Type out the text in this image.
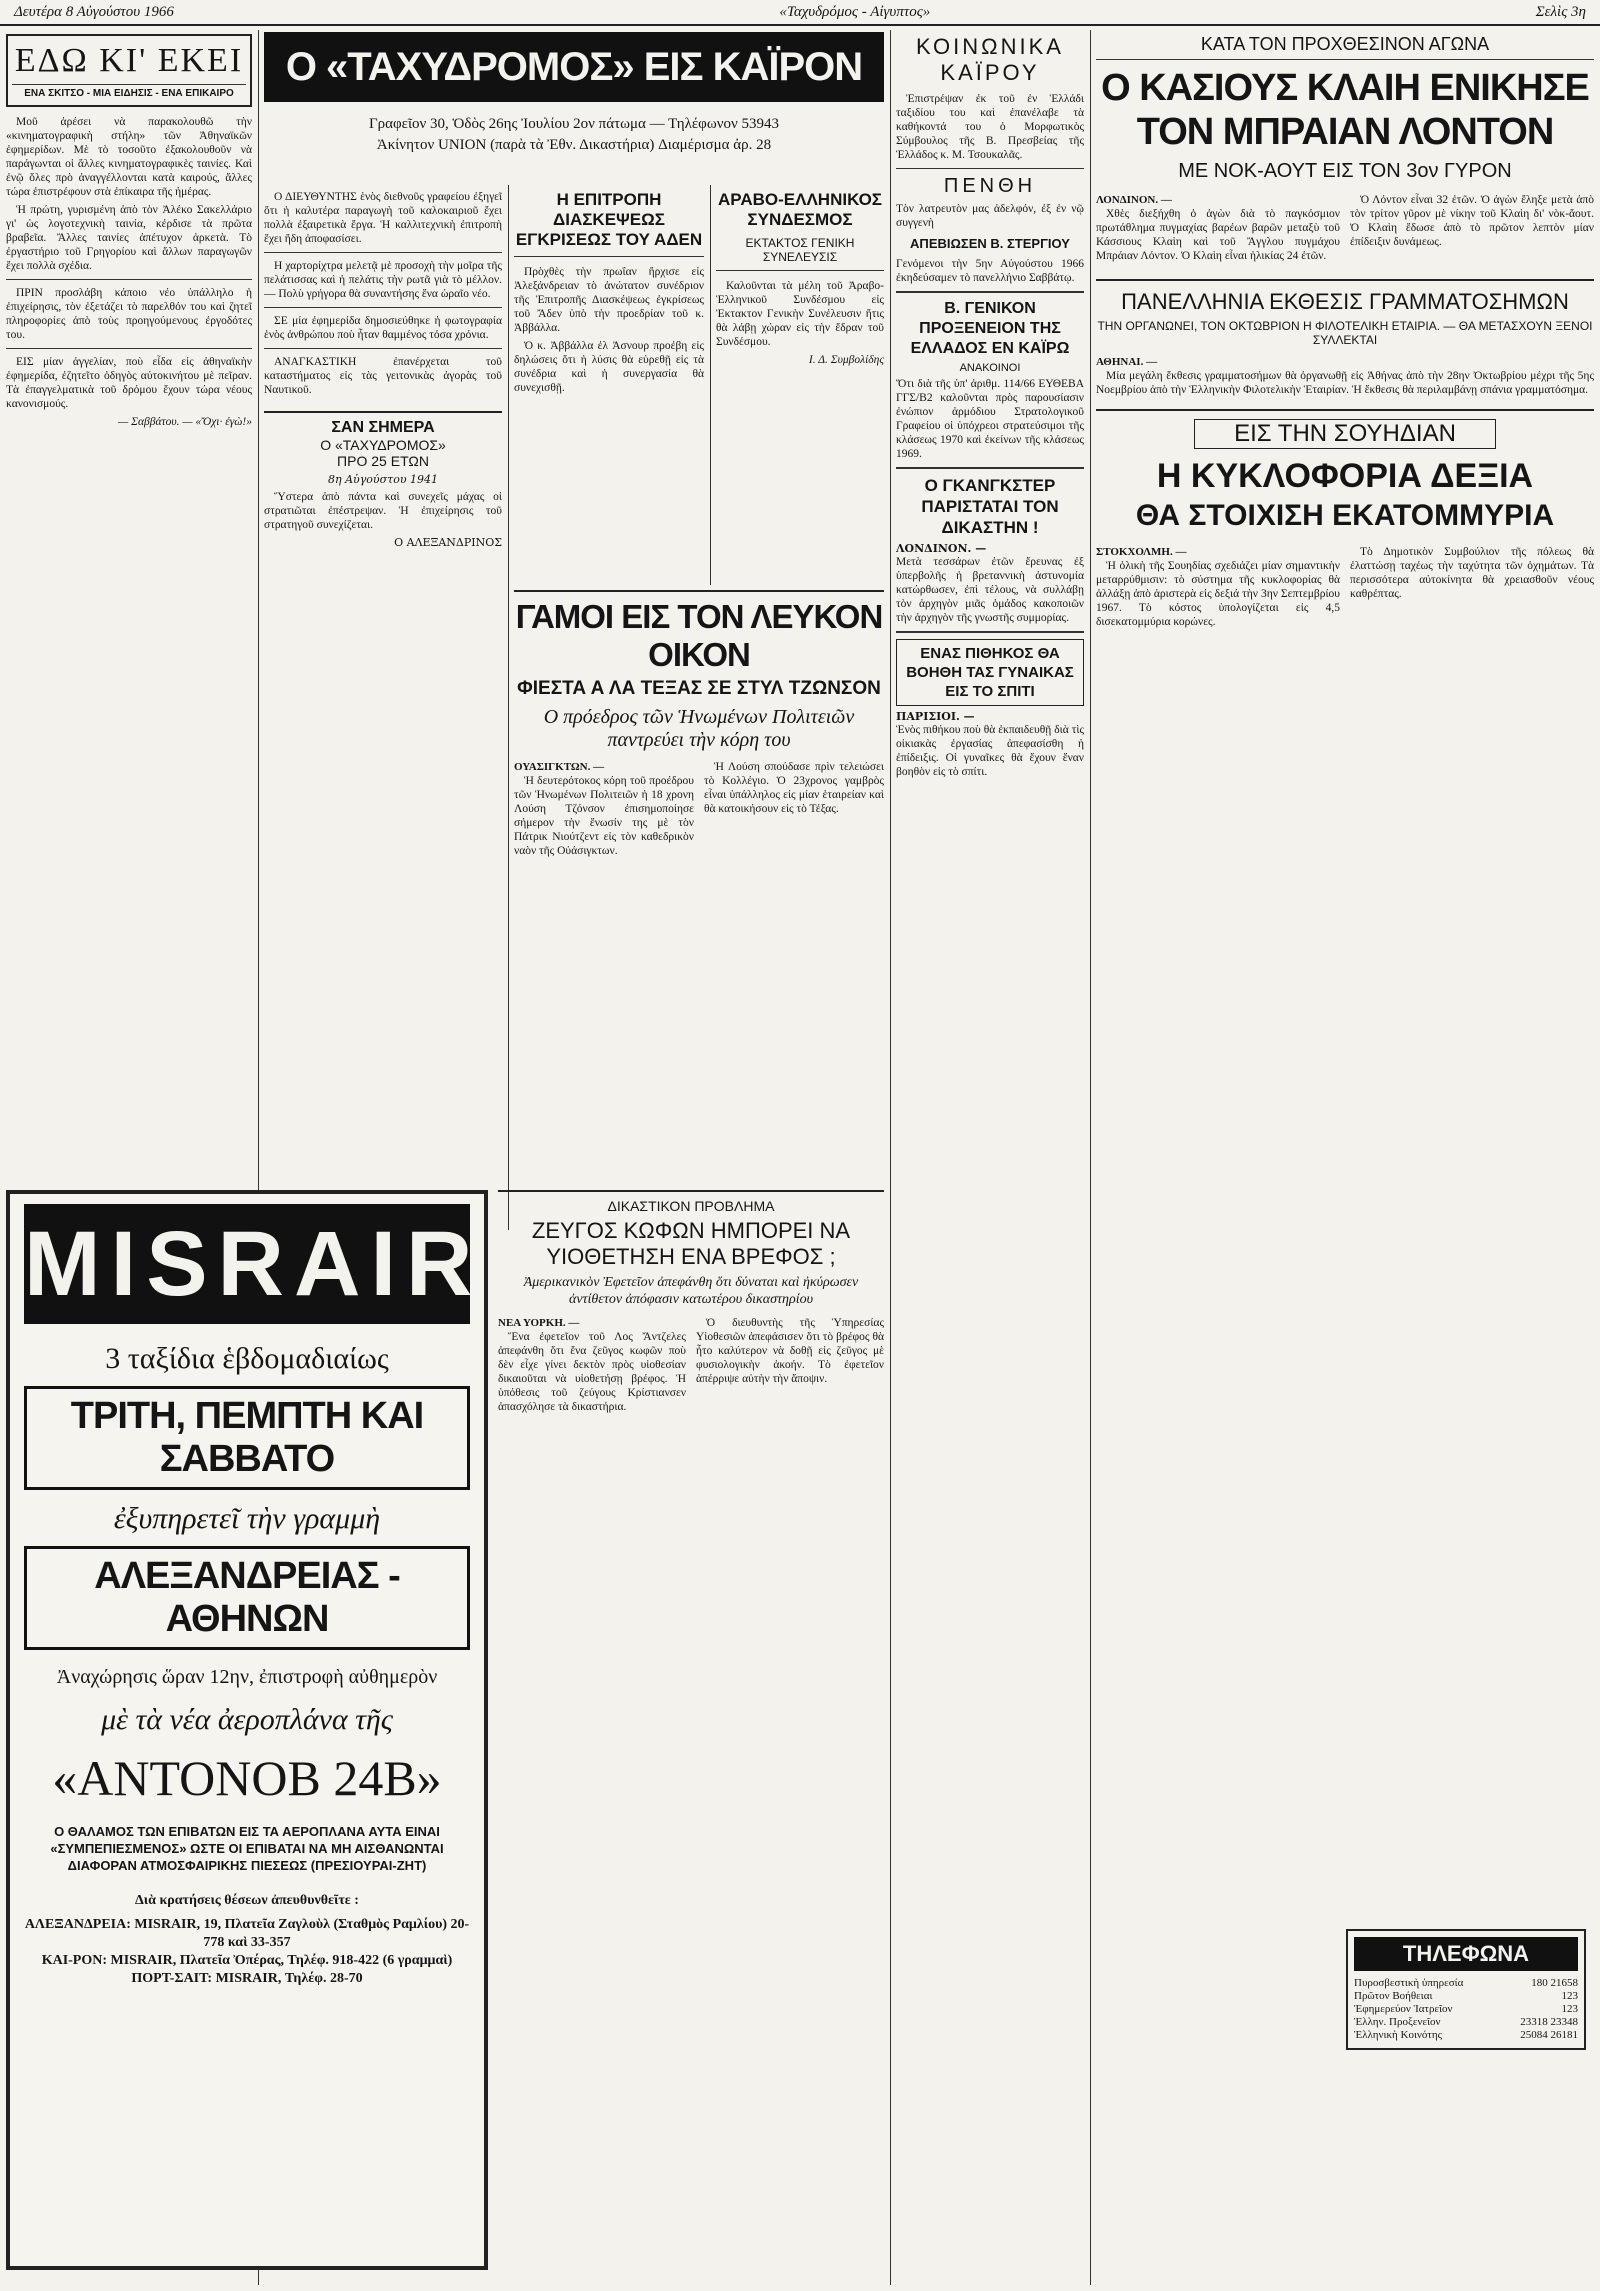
Δευτέρα 8 Αὐγούστου 1966	«Ταχυδρόμος - Αἰγυπτος»	Σελὶς 3η
ΕΔΩ ΚΙ' ΕΚΕΙ
ΕΝΑ ΣΚΙΤΣΟ - ΜΙΑ ΕΙΔΗΣΙΣ - ΕΝΑ ΕΠΙΚΑΙΡΟ

Μοῦ ἀρέσει νὰ παρακολουθῶ τὴν «κινηματογραφικὴ στήλη» τῶν Ἀθηναϊκῶν ἐφημερίδων. Μὲ τὸ τοσοῦτο ἐξακολουθοῦν νὰ παράγωνται οἱ ἄλλες κινηματογραφικὲς ταινίες. Καὶ ἐνῷ ὅλες πρὸ ἀναγγέλλονται κατὰ καιρούς, ἄλλες τώρα ἐπιστρέφουν στὰ ἐπίκαιρα τῆς ἡμέρας.

Ἡ πρώτη, γυρισμένη ἀπὸ τὸν Ἀλέκο Σακελλάριο γι' ὡς λογοτεχνικὴ ταινία, κέρδισε τὰ πρῶτα βραβεῖα. Ἄλλες ταινίες ἀπέτυχον ἀρκετὰ. Τὸ ἐργαστήριο τοῦ Γρηγορίου καὶ ἄλλων παραγωγῶν ἔχει πολλὰ σχέδια.

ΠΡΙΝ προσλάβη κάποιο νέο ὑπάλληλο ἡ ἐπιχείρησις, τὸν ἐξετάζει τὸ παρελθόν του καὶ ζητεῖ πληροφορίες ἀπὸ τοὺς προηγούμενους ἐργοδότες του.

ΕΙΣ μίαν ἀγγελίαν, ποὺ εἶδα εἰς ἀθηναϊκὴν ἐφημερίδα, ἐζητεῖτο ὁδηγὸς αὐτοκινήτου μὲ πεῖραν. Τὰ ἐπαγγελματικὰ τοῦ δρόμου ἔχουν τώρα νέους κανονισμούς.

— Σαββάτου. — «Ὄχι· ἐγὼ!»

MISRAIR
3 ταξίδια ἑβδομαδιαίως
ΤΡΙΤΗ, ΠΕΜΠΤΗ ΚΑΙ ΣΑΒΒΑΤΟ
ἐξυπηρετεῖ τὴν γραμμὴ
ΑΛΕΞΑΝΔΡΕΙΑΣ - ΑΘΗΝΩΝ
Ἀναχώρησις ὥραν 12ην, ἐπιστροφὴ αὐθημερὸν
μὲ τὰ νέα ἀεροπλάνα τῆς
«ΑΝΤΟΝΟΒ 24Β»
Ο ΘΑΛΑΜΟΣ ΤΩΝ ΕΠΙΒΑΤΩΝ ΕΙΣ ΤΑ ΑΕΡΟΠΛΑΝΑ ΑΥΤΑ ΕΙΝΑΙ «ΣΥΜΠΕΠΙΕΣΜΕΝΟΣ» ΩΣΤΕ ΟΙ ΕΠΙΒΑΤΑΙ ΝΑ ΜΗ ΑΙΣΘΑΝΩΝΤΑΙ ΔΙΑΦΟΡΑΝ ΑΤΜΟΣΦΑΙΡΙΚΗΣ ΠΙΕΣΕΩΣ (ΠΡΕΣΙΟΥΡΑΙ-ΖΗΤ)
Διὰ κρατήσεις θέσεων ἀπευθυνθεῖτε :
ΑΛΕΞΑΝΔΡΕΙΑ: MISRAIR, 19, Πλατεῖα Ζαγλοὺλ (Σταθμὸς Ραμλίου) 20-778 καὶ 33-357
ΚΑΙ-ΡΟΝ: MISRAIR, Πλατεῖα Ὀπέρας, Τηλέφ. 918-422 (6 γραμμαὶ)
ΠΟΡΤ-ΣΑΙΤ: MISRAIR, Τηλέφ. 28-70

Ο ΔΙΕΥΘΥΝΤΗΣ ἑνὸς διεθνοῦς γραφείου ἐξηγεῖ ὅτι ἡ καλυτέρα παραγωγὴ τοῦ καλοκαιριοῦ ἔχει πολλὰ ἐξαιρετικὰ ἔργα. Ἡ καλλιτεχνικὴ ἐπιτροπὴ ἔχει ἤδη ἀποφασίσει.

Η χαρτορίχτρα μελετᾷ μὲ προσοχὴ τὴν μοῖρα τῆς πελάτισσας καὶ ἡ πελάτις τὴν ρωτᾶ γιὰ τὸ μέλλον. — Πολὺ γρήγορα θὰ συναντήσης ἕνα ὡραῖο νέο.

ΣΕ μία ἐφημερίδα δημοσιεύθηκε ἡ φωτογραφία ἑνὸς ἀνθρώπου ποὺ ἦταν θαμμένος τόσα χρόνια.

ΑΝΑΓΚΑΣΤΙΚΗ ἐπανέρχεται τοῦ καταστήματος εἰς τὰς γειτονικὰς ἀγορὰς τοῦ Ναυτικοῦ.

ΣΑΝ ΣΗΜΕΡΑ
Ο «ΤΑΧΥΔΡΟΜΟΣ»
ΠΡΟ 25 ΕΤΩΝ
8η Αὐγούστου 1941
Ὕστερα ἀπὸ πάντα καὶ συνεχεῖς μάχας οἱ στρατιῶται ἐπέστρεψαν. Ἡ ἐπιχείρησις τοῦ στρατηγοῦ συνεχίζεται.
Ο ΑΛΕΞΑΝΔΡΙΝΟΣ
Ο «ΤΑΧΥΔΡΟΜΟΣ» ΕΙΣ ΚΑΪΡΟΝ
Γραφεῖον 30, Ὁδὸς 26ης Ἰουλίου 2ον πάτωμα — Τηλέφωνον 53943
Ἀκίνητον UNION (παρὰ τὰ Ἐθν. Δικαστήρια) Διαμέρισμα ἀρ. 28
Η ΕΠΙΤΡΟΠΗ ΔΙΑΣΚΕΨΕΩΣ ΕΓΚΡΙΣΕΩΣ ΤΟΥ ΑΔΕΝ

Πρὸχθὲς τὴν πρωΐαν ἤρχισε εἰς Ἀλεξάνδρειαν τὸ ἀνώτατον συνέδριον τῆς Ἐπιτροπῆς Διασκέψεως ἐγκρίσεως τοῦ Ἄδεν ὑπὸ τὴν προεδρίαν τοῦ κ. Ἀββάλλα.

Ὁ κ. Ἀββάλλα ἐλ Ἀσνουρ προέβη εἰς δηλώσεις ὅτι ἡ λύσις θὰ εὑρεθῇ εἰς τὰ συνέδρια καὶ ἡ συνεργασία θὰ συνεχισθῇ.

ΑΡΑΒΟ-ΕΛΛΗΝΙΚΟΣ ΣΥΝΔΕΣΜΟΣ
ΕΚΤΑΚΤΟΣ ΓΕΝΙΚΗ ΣΥΝΕΛΕΥΣΙΣ

Καλοῦνται τὰ μέλη τοῦ Ἀραβο-Ἑλληνικοῦ Συνδέσμου εἰς Ἐκτακτον Γενικὴν Συνέλευσιν ἥτις θὰ λάβῃ χώραν εἰς τὴν ἕδραν τοῦ Συνδέσμου.

Ι. Δ. Συμβολίδης

ΓΑΜΟΙ ΕΙΣ ΤΟΝ ΛΕΥΚΟΝ ΟΙΚΟΝ
ΦΙΕΣΤΑ Α ΛΑ ΤΕΞΑΣ ΣΕ ΣΤΥΛ ΤΖΩΝΣΟΝ
Ο πρόεδρος τῶν Ἡνωμένων Πολιτειῶν παντρεύει τὴν κόρη του
ΟΥΑΣΙΓΚΤΩΝ. —

Ἡ δευτερότοκος κόρη τοῦ προέδρου τῶν Ἡνωμένων Πολιτειῶν ἡ 18 χρονη Λούση Τζόνσον ἐπισημοποίησε σήμερον τὴν ἕνωσίν της μὲ τὸν Πάτρικ Νιούτζεντ εἰς τὸν καθεδρικὸν ναὸν τῆς Οὐάσιγκτων.

Ἡ Λούση σπούδασε πρὶν τελειώσει τὸ Κολλέγιο. Ὁ 23χρονος γαμβρὸς εἶναι ὑπάλληλος εἰς μίαν ἑταιρείαν καὶ θὰ κατοικήσουν εἰς τὸ Τέξας.

ΔΙΚΑΣΤΙΚΟΝ ΠΡΟΒΛΗΜΑ
ΖΕΥΓΟΣ ΚΩΦΩΝ ΗΜΠΟΡΕΙ ΝΑ ΥΙΟΘΕΤΗΣΗ ΕΝΑ ΒΡΕΦΟΣ ;
Ἀμερικανικὸν Ἐφετεῖον ἀπεφάνθη ὅτι δύναται καὶ ἠκύρωσεν ἀντίθετον ἀπόφασιν κατωτέρου δικαστηρίου
ΝΕΑ ΥΟΡΚΗ. —

Ἕνα ἐφετεῖον τοῦ Λος Ἄντζελες ἀπεφάνθη ὅτι ἕνα ζεῦγος κωφῶν ποὺ δὲν εἶχε γίνει δεκτὸν πρὸς υἱοθεσίαν δικαιοῦται νὰ υἱοθετήσῃ βρέφος. Ἡ ὑπόθεσις τοῦ ζεύγους Κρίστιανσεν ἀπασχόλησε τὰ δικαστήρια.

Ὁ διευθυντὴς τῆς Ὑπηρεσίας Υἱοθεσιῶν ἀπεφάσισεν ὅτι τὸ βρέφος θὰ ἦτο καλύτερον νὰ δοθῇ εἰς ζεῦγος μὲ φυσιολογικὴν ἀκοήν. Τὸ ἐφετεῖον ἀπέρριψε αὐτὴν τὴν ἄποψιν.

ΚΟΙΝΩΝΙΚΑ ΚΑΪΡΟΥ
Ἐπιστρέψαν ἐκ τοῦ ἐν Ἑλλάδι ταξιδίου του καὶ ἐπανέλαβε τὰ καθήκοντά του ὁ Μορφωτικὸς Σύμβουλος τῆς Β. Πρεσβείας τῆς Ἑλλάδος κ. Μ. Τσουκαλᾶς.
ΠΕΝΘΗ
Τὸν λατρευτὸν μας ἀδελφόν, ἐξ ἐν νῷ συγγενὴ
ΑΠΕΒΙΩΣΕΝ Β. ΣΤΕΡΓΙΟΥ
Γενόμενοι τὴν 5ην Αὐγούστου 1966 ἐκηδεύσαμεν τὸ πανελλήνιο Σαββάτῳ.
Β. ΓΕΝΙΚΟΝ ΠΡΟΞΕΝΕΙΟΝ ΤΗΣ ΕΛΛΑΔΟΣ ΕΝ ΚΑΪΡΩ
ΑΝΑΚΟΙΝΟΙ
Ὅτι διὰ τῆς ὑπ' ἀριθμ. 114/66 ΕΥΘΕΒΑ ΓΓΣ/Β2 καλοῦνται πρὸς παρουσίασιν ἐνώπιον ἁρμόδιου Στρατολογικοῦ Γραφείου οἱ ὑπόχρεοι στρατεύσιμοι τῆς κλάσεως 1970 καὶ ἐκείνων τῆς κλάσεως 1969.
Ο ΓΚΑΝΓΚΣΤΕΡ ΠΑΡΙΣΤΑΤΑΙ ΤΟΝ ΔΙΚΑΣΤΗΝ !
ΛΟΝΔΙΝΟΝ. —
Μετὰ τεσσάρων ἐτῶν ἔρευνας ἐξ ὑπερβολῆς ἡ βρεταννικὴ ἀστυνομία κατώρθωσεν, ἐπὶ τέλους, νὰ συλλάβῃ τὸν ἀρχηγὸν μιᾶς ὁμάδος κακοποιῶν τὴν ἀρχηγὸν τῆς γνωστῆς συμμορίας.
ΕΝΑΣ ΠΙΘΗΚΟΣ ΘΑ ΒΟΗΘΗ ΤΑΣ ΓΥΝΑΙΚΑΣ ΕΙΣ ΤΟ ΣΠΙΤΙ
ΠΑΡΙΣΙΟΙ. —
Ἑνὸς πιθήκου ποὺ θὰ ἐκπαιδευθῇ διὰ τὶς οἰκιακὰς ἐργασίας ἀπεφασίσθη ἡ ἐπίδειξις. Οἱ γυναῖκες θὰ ἔχουν ἕναν βοηθὸν εἰς τὸ σπίτι.
ΚΑΤΑ ΤΟΝ ΠΡΟΧΘΕΣΙΝΟΝ ΑΓΩΝΑ
Ο ΚΑΣΙΟΥΣ ΚΛΑΙΗ ΕΝΙΚΗΣΕ
ΤΟΝ ΜΠΡΑΙΑΝ ΛΟΝΤΟΝ
ΜΕ ΝΟΚ-ΑΟΥΤ ΕΙΣ ΤΟΝ 3ον ΓΥΡΟΝ
ΛΟΝΔΙΝΟΝ. —

Χθὲς διεξήχθη ὁ ἀγὼν διὰ τὸ παγκόσμιον πρωτάθλημα πυγμαχίας βαρέων βαρῶν μεταξὺ τοῦ Κάσσιους Κλαὶη καὶ τοῦ Ἄγγλου πυγμάχου Μπράιαν Λόντον. Ὁ Κλαὶη εἶναι ἡλικίας 24 ἐτῶν.

Ὁ Λόντον εἶναι 32 ἐτῶν. Ὁ ἀγὼν ἔληξε μετὰ ἀπὸ τὸν τρίτον γῦρον μὲ νίκην τοῦ Κλαὶη δι' νὸκ-ἄουτ. Ὁ Κλαὶη ἔδωσε ἀπὸ τὸ πρῶτον λεπτὸν μίαν ἐπίδειξιν δυνάμεως.

ΠΑΝΕΛΛΗΝΙΑ ΕΚΘΕΣΙΣ ΓΡΑΜΜΑΤΟΣΗΜΩΝ
ΤΗΝ ΟΡΓΑΝΩΝΕΙ, ΤΟΝ ΟΚΤΩΒΡΙΟΝ Η ΦΙΛΟΤΕΛΙΚΗ ΕΤΑΙΡΙΑ. — ΘΑ ΜΕΤΑΣΧΟΥΝ ΞΕΝΟΙ ΣΥΛΛΕΚΤΑΙ
ΑΘΗΝΑΙ. —

Μία μεγάλη ἔκθεσις γραμματοσήμων θὰ ὀργανωθῇ εἰς Ἀθήνας ἀπὸ τὴν 28ην Ὀκτωβρίου μέχρι τῆς 5ης Νοεμβρίου ἀπὸ τὴν Ἑλληνικὴν Φιλοτελικὴν Ἑταιρίαν. Ἡ ἔκθεσις θὰ περιλαμβάνῃ σπάνια γραμματόσημα.

ΕΙΣ ΤΗΝ ΣΟΥΗΔΙΑΝ
Η ΚΥΚΛΟΦΟΡΙΑ ΔΕΞΙΑ
ΘΑ ΣΤΟΙΧΙΣΗ ΕΚΑΤΟΜΜΥΡΙΑ
ΣΤΟΚΧΟΛΜΗ. —

Ἡ ὁλικὴ τῆς Σουηδίας σχεδιάζει μίαν σημαντικὴν μεταρρύθμισιν: τὸ σύστημα τῆς κυκλοφορίας θὰ ἀλλάξῃ ἀπὸ ἀριστερὰ εἰς δεξιά τὴν 3ην Σεπτεμβρίου 1967. Τὸ κόστος ὑπολογίζεται εἰς 4,5 δισεκατομμύρια κορώνες.

Τὸ Δημοτικὸν Συμβούλιον τῆς πόλεως θὰ ἐλαττώσῃ ταχέως τὴν ταχύτητα τῶν ὀχημάτων. Τὰ περισσότερα αὐτοκίνητα θὰ χρειασθοῦν νέους καθρέπτας.

ΤΗΛΕΦΩΝΑ
Πυροσβεστικὴ ὑπηρεσία	180 21658
Πρῶτον Βοήθειαι	123
Ἐφημερεύον Ἰατρεῖον	123
Ἑλλην. Προξενεῖον	23318 23348
Ἑλληνικὴ Κοινότης	25084 26181
